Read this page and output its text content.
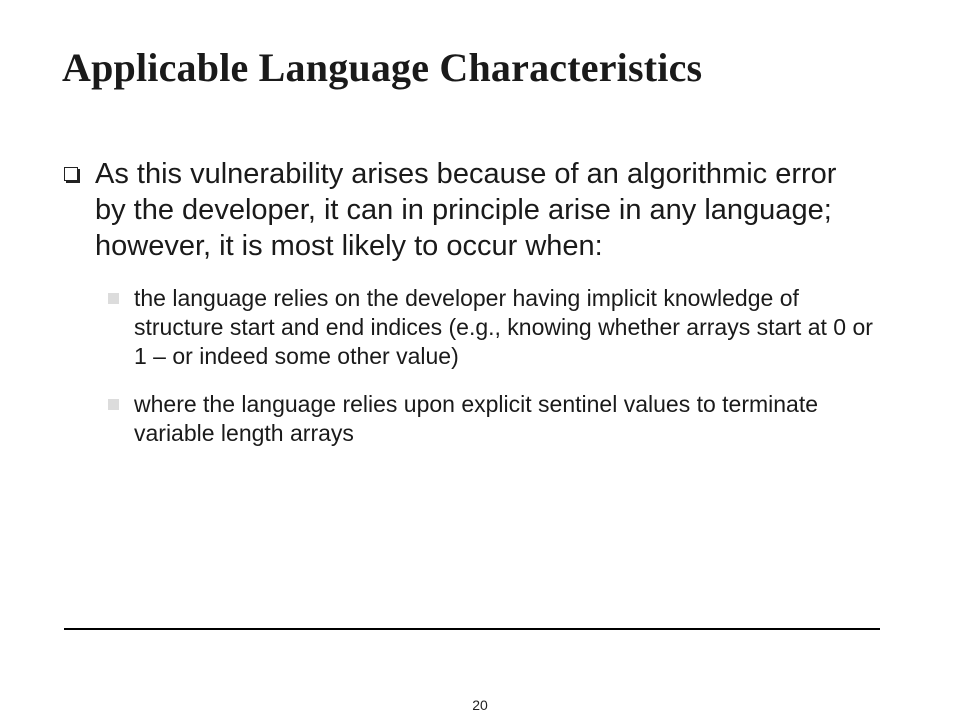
Applicable Language Characteristics
As this vulnerability arises because of an algorithmic error by the developer, it can in principle arise in any language; however, it is most likely to occur when:
the language relies on the developer having implicit knowledge of structure start and end indices (e.g., knowing whether arrays start at 0 or 1 – or indeed some other value)
where the language relies upon explicit sentinel values to terminate variable length arrays
20
